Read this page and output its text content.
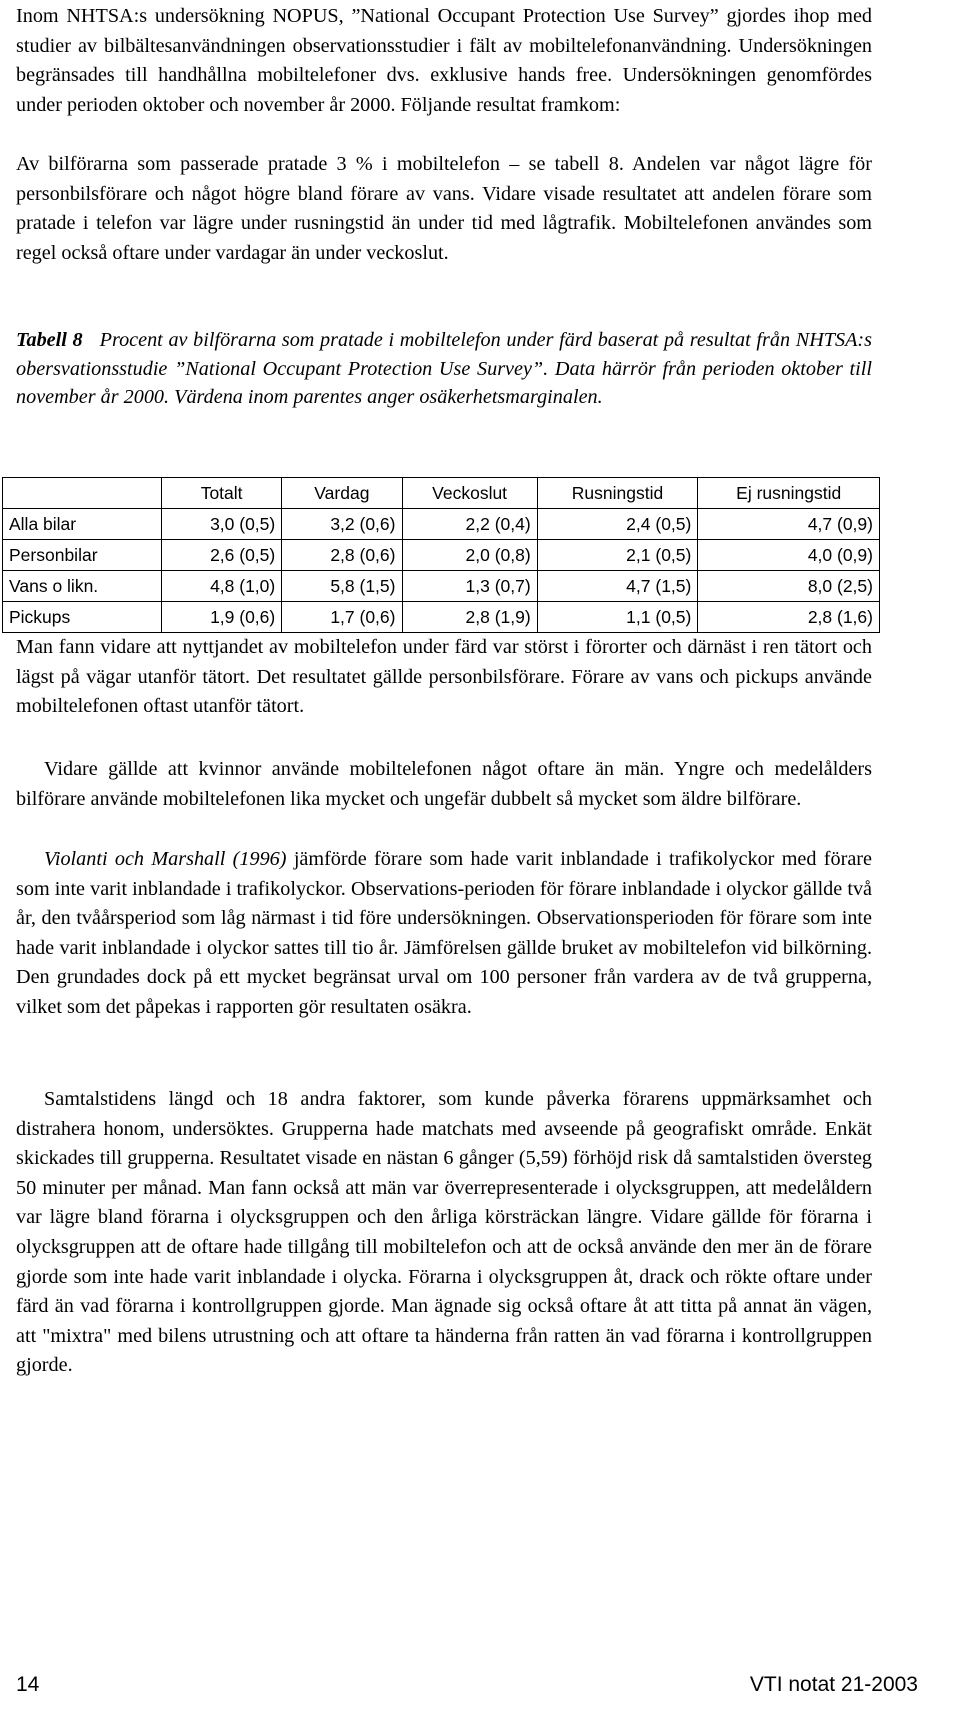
Inom NHTSA:s undersökning NOPUS, ”National Occupant Protection Use Survey” gjordes ihop med studier av bilbältesanvändningen observationsstudier i fält av mobiltelefonanvändning. Undersökningen begränsades till handhållna mobiltelefoner dvs. exklusive hands free. Undersökningen genomfördes under perioden oktober och november år 2000. Följande resultat framkom:

Av bilförarna som passerade pratade 3 % i mobiltelefon – se tabell 8. Andelen var något lägre för personbilsförare och något högre bland förare av vans. Vidare visade resultatet att andelen förare som pratade i telefon var lägre under rusningstid än under tid med lågtrafik. Mobiltelefonen användes som regel också oftare under vardagar än under veckoslut.

Tabell 8 Procent av bilförarna som pratade i mobiltelefon under färd baserat på resultat från NHTSA:s obersvationsstudie ”National Occupant Protection Use Survey”. Data härrör från perioden oktober till november år 2000. Värdena inom parentes anger osäkerhetsmarginalen.

	Totalt	Vardag	Veckoslut	Rusningstid	Ej rusningstid
Alla bilar	3,0 (0,5)	3,2 (0,6)	2,2 (0,4)	2,4 (0,5)	4,7 (0,9)
Personbilar	2,6 (0,5)	2,8 (0,6)	2,0 (0,8)	2,1 (0,5)	4,0 (0,9)
Vans o likn.	4,8 (1,0)	5,8 (1,5)	1,3 (0,7)	4,7 (1,5)	8,0 (2,5)
Pickups	1,9 (0,6)	1,7 (0,6)	2,8 (1,9)	1,1 (0,5)	2,8 (1,6)

Man fann vidare att nyttjandet av mobiltelefon under färd var störst i förorter och därnäst i ren tätort och lägst på vägar utanför tätort. Det resultatet gällde personbilsförare. Förare av vans och pickups använde mobiltelefonen oftast utanför tätort.

Vidare gällde att kvinnor använde mobiltelefonen något oftare än män. Yngre och medelålders bilförare använde mobiltelefonen lika mycket och ungefär dubbelt så mycket som äldre bilförare.

Violanti och Marshall (1996) jämförde förare som hade varit inblandade i trafikolyckor med förare som inte varit inblandade i trafikolyckor. Observations-perioden för förare inblandade i olyckor gällde två år, den tvåårsperiod som låg närmast i tid före undersökningen. Observationsperioden för förare som inte hade varit inblandade i olyckor sattes till tio år. Jämförelsen gällde bruket av mobiltelefon vid bilkörning. Den grundades dock på ett mycket begränsat urval om 100 personer från vardera av de två grupperna, vilket som det påpekas i rapporten gör resultaten osäkra.

Samtalstidens längd och 18 andra faktorer, som kunde påverka förarens uppmärksamhet och distrahera honom, undersöktes. Grupperna hade matchats med avseende på geografiskt område. Enkät skickades till grupperna. Resultatet visade en nästan 6 gånger (5,59) förhöjd risk då samtalstiden översteg 50 minuter per månad. Man fann också att män var överrepresenterade i olycksgruppen, att medelåldern var lägre bland förarna i olycksgruppen och den årliga körsträckan längre. Vidare gällde för förarna i olycksgruppen att de oftare hade tillgång till mobiltelefon och att de också använde den mer än de förare gjorde som inte hade varit inblandade i olycka. Förarna i olycksgruppen åt, drack och rökte oftare under färd än vad förarna i kontrollgruppen gjorde. Man ägnade sig också oftare åt att titta på annat än vägen, att "mixtra" med bilens utrustning och att oftare ta händerna från ratten än vad förarna i kontrollgruppen gjorde.

14	VTI notat 21-2003
